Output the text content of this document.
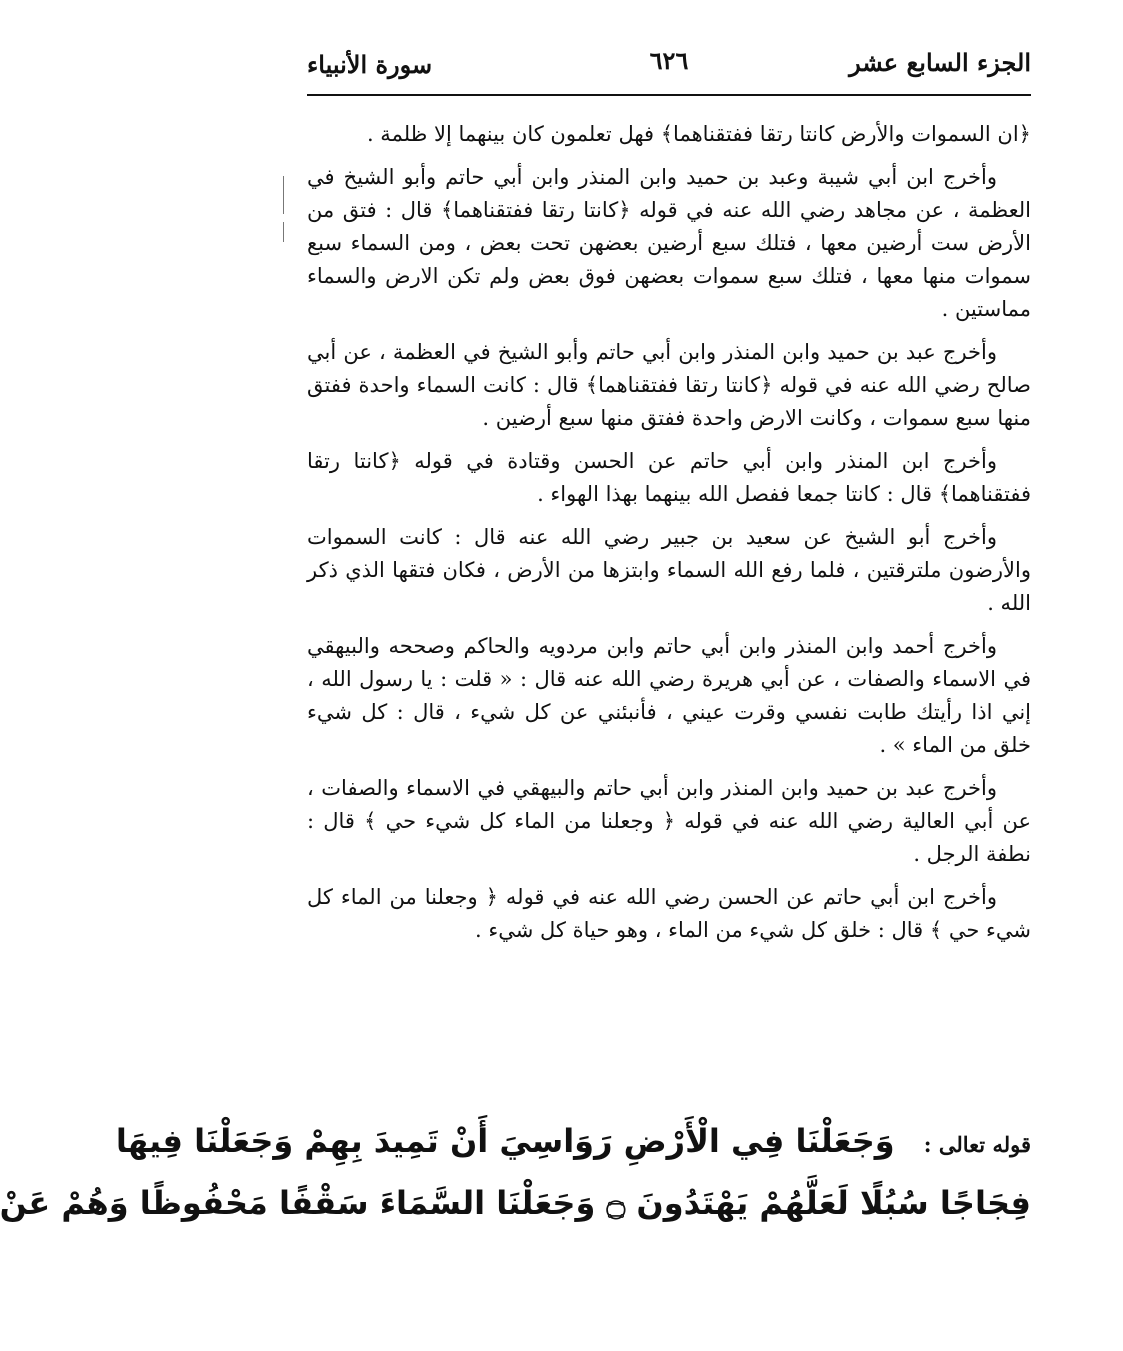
الجزء السابع عشر
٦٢٦
سورة الأنبياء

﴿ان السموات والأرض كانتا رتقا ففتقناهما﴾ فهل تعلمون كان بينهما إلا ظلمة .

وأخرج ابن أبي شيبة وعبد بن حميد وابن المنذر وابن أبي حاتم وأبو الشيخ في العظمة ، عن مجاهد رضي الله عنه في قوله ﴿كانتا رتقا ففتقناهما﴾ قال : فتق من الأرض ست أرضين معها ، فتلك سبع أرضين بعضهن تحت بعض ، ومن السماء سبع سموات منها معها ، فتلك سبع سموات بعضهن فوق بعض ولم تكن الارض والسماء مماستين .

وأخرج عبد بن حميد وابن المنذر وابن أبي حاتم وأبو الشيخ في العظمة ، عن أبي صالح رضي الله عنه في قوله ﴿كانتا رتقا ففتقناهما﴾ قال : كانت السماء واحدة ففتق منها سبع سموات ، وكانت الارض واحدة ففتق منها سبع أرضين .

وأخرج ابن المنذر وابن أبي حاتم عن الحسن وقتادة في قوله ﴿كانتا رتقا ففتقناهما﴾ قال : كانتا جمعا ففصل الله بينهما بهذا الهواء .

وأخرج أبو الشيخ عن سعيد بن جبير رضي الله عنه قال : كانت السموات والأرضون ملترقتين ، فلما رفع الله السماء وابتزها من الأرض ، فكان فتقها الذي ذكر الله .

وأخرج أحمد وابن المنذر وابن أبي حاتم وابن مردويه والحاكم وصححه والبيهقي في الاسماء والصفات ، عن أبي هريرة رضي الله عنه قال : « قلت : يا رسول الله ، إني اذا رأيتك طابت نفسي وقرت عيني ، فأنبئني عن كل شيء ، قال : كل شيء خلق من الماء » .

وأخرج عبد بن حميد وابن المنذر وابن أبي حاتم والبيهقي في الاسماء والصفات ، عن أبي العالية رضي الله عنه في قوله ﴿ وجعلنا من الماء كل شيء حي ﴾ قال : نطفة الرجل .

وأخرج ابن أبي حاتم عن الحسن رضي الله عنه في قوله ﴿ وجعلنا من الماء كل شيء حي ﴾ قال : خلق كل شيء من الماء ، وهو حياة كل شيء .

قوله تعالى : وَجَعَلْنَا فِي الْأَرْضِ رَوَاسِيَ أَنْ تَمِيدَ بِهِمْ وَجَعَلْنَا فِيهَا
فِجَاجًا سُبُلًا لَعَلَّهُمْ يَهْتَدُونَ ۝ وَجَعَلْنَا السَّمَاءَ سَقْفًا مَحْفُوظًا وَهُمْ عَنْ
